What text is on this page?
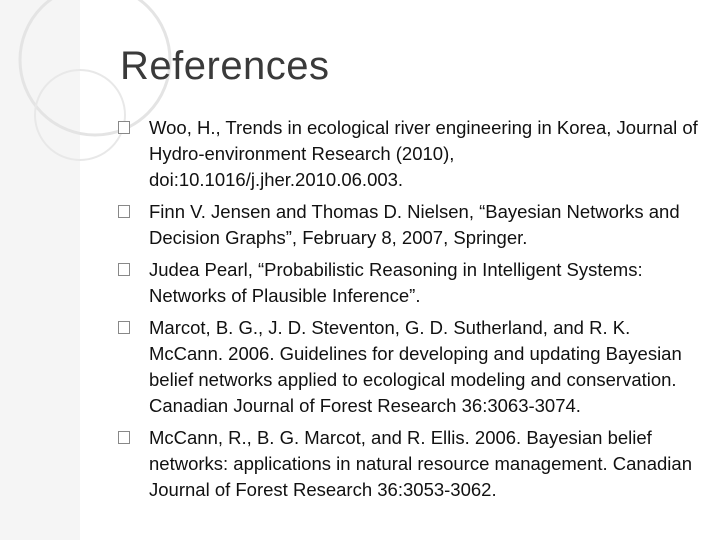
References
Woo, H., Trends in ecological river engineering in Korea, Journal of Hydro-environment Research (2010), doi:10.1016/j.jher.2010.06.003.
Finn V. Jensen and Thomas D. Nielsen, “Bayesian Networks and Decision Graphs”, February 8, 2007, Springer.
Judea Pearl, “Probabilistic Reasoning in Intelligent Systems: Networks of Plausible Inference”.
Marcot, B. G., J. D. Steventon, G. D. Sutherland, and R. K. McCann. 2006. Guidelines for developing and updating Bayesian belief networks applied to ecological modeling and conservation. Canadian Journal of Forest Research 36:3063-3074.
McCann, R., B. G. Marcot, and R. Ellis. 2006. Bayesian belief networks: applications in natural resource management. Canadian Journal of Forest Research 36:3053-3062.
